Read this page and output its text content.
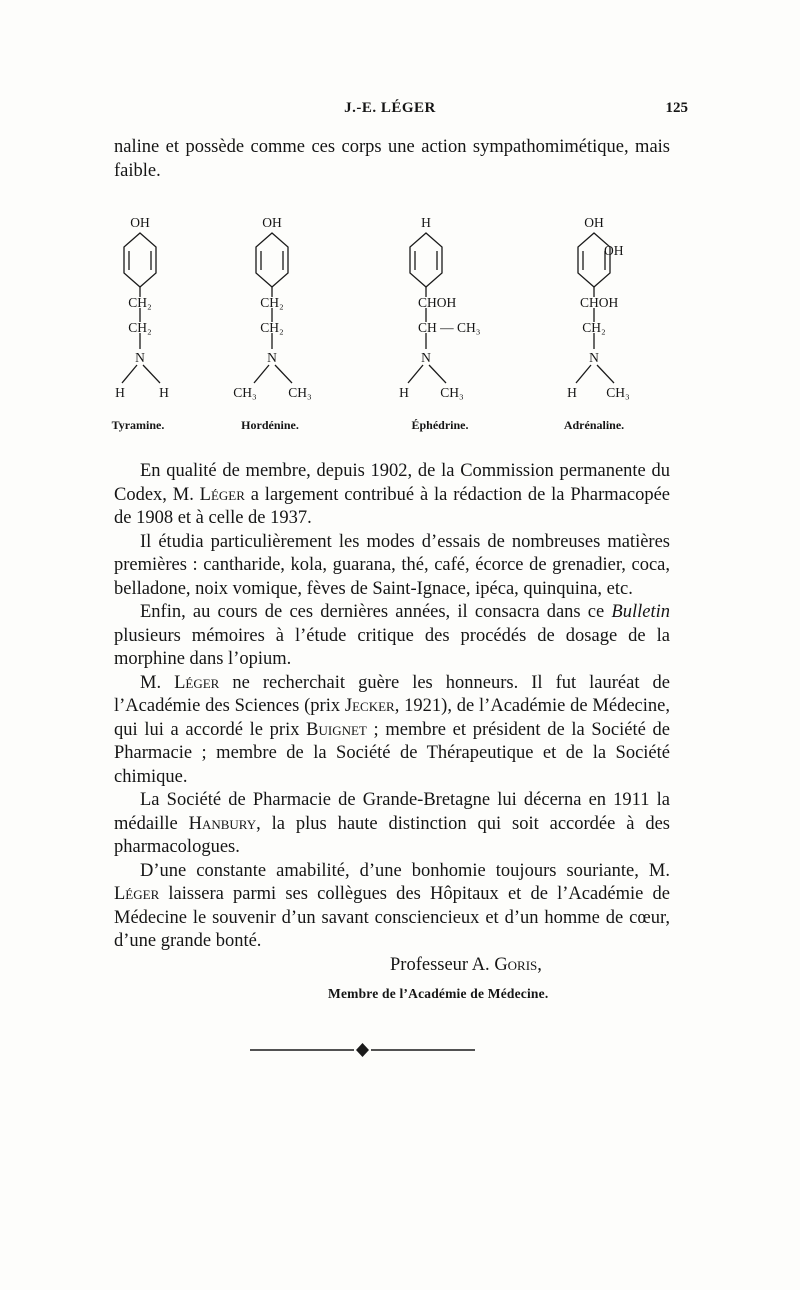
J.-E. LÉGER	125

naline et possède comme ces corps une action sympathomimétique, mais faible.

OH
CH₂
CH₂
N
H	H
Tyramine.
OH
CH₂
CH₂
N
CH₃ CH₃
Hordénine.
H
CHOH
CH — CH₃
N
H CH₃
Éphédrine.
OH
OH
CHOH
CH₂
N
H CH₃
Adrénaline.

En qualité de membre, depuis 1902, de la Commission permanente du Codex, M. Léger a largement contribué à la rédaction de la Pharmacopée de 1908 et à celle de 1937.

Il étudia particulièrement les modes d’essais de nombreuses matières premières : cantharide, kola, guarana, thé, café, écorce de grenadier, coca, belladone, noix vomique, fèves de Saint-Ignace, ipéca, quinquina, etc.

Enfin, au cours de ces dernières années, il consacra dans ce Bulletin plusieurs mémoires à l’étude critique des procédés de dosage de la morphine dans l’opium.

M. Léger ne recherchait guère les honneurs. Il fut lauréat de l’Académie des Sciences (prix Jecker, 1921), de l’Académie de Médecine, qui lui a accordé le prix Buignet ; membre et président de la Société de Pharmacie ; membre de la Société de Thérapeutique et de la Société chimique.

La Société de Pharmacie de Grande-Bretagne lui décerna en 1911 la médaille Hanbury, la plus haute distinction qui soit accordée à des pharmacologues.

D’une constante amabilité, d’une bonhomie toujours souriante, M. Léger laissera parmi ses collègues des Hôpitaux et de l’Académie de Médecine le souvenir d’un savant consciencieux et d’un homme de cœur, d’une grande bonté.

Professeur A. Goris,
Membre de l’Académie de Médecine.
